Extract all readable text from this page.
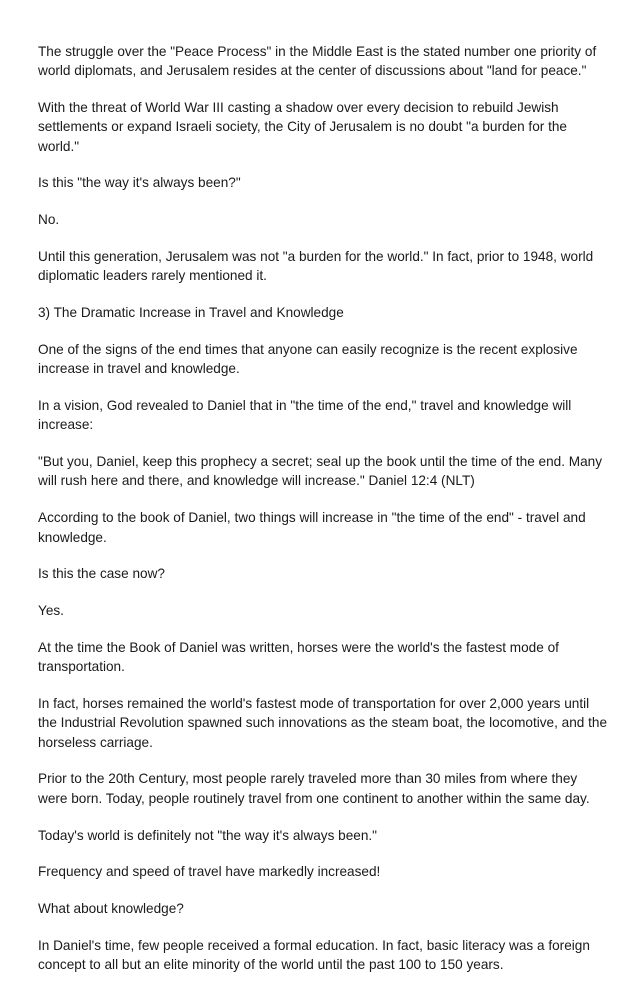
The struggle over the "Peace Process" in the Middle East is the stated number one priority of world diplomats, and Jerusalem resides at the center of discussions about "land for peace."

With the threat of World War III casting a shadow over every decision to rebuild Jewish settlements or expand Israeli society, the City of Jerusalem is no doubt "a burden for the world."

Is this "the way it's always been?"

No.

Until this generation, Jerusalem was not "a burden for the world." In fact, prior to 1948, world diplomatic leaders rarely mentioned it.

3) The Dramatic Increase in Travel and Knowledge

One of the signs of the end times that anyone can easily recognize is the recent explosive increase in travel and knowledge.

In a vision, God revealed to Daniel that in "the time of the end," travel and knowledge will increase:

"But you, Daniel, keep this prophecy a secret; seal up the book until the time of the end. Many will rush here and there, and knowledge will increase." Daniel 12:4 (NLT)

According to the book of Daniel, two things will increase in "the time of the end" - travel and knowledge.

Is this the case now?

Yes.

At the time the Book of Daniel was written, horses were the world's the fastest mode of transportation.

In fact, horses remained the world's fastest mode of transportation for over 2,000 years until the Industrial Revolution spawned such innovations as the steam boat, the locomotive, and the horseless carriage.

Prior to the 20th Century, most people rarely traveled more than 30 miles from where they were born. Today, people routinely travel from one continent to another within the same day.

Today's world is definitely not "the way it's always been."

Frequency and speed of travel have markedly increased!

What about knowledge?

In Daniel's time, few people received a formal education. In fact, basic literacy was a foreign concept to all but an elite minority of the world until the past 100 to 150 years.
